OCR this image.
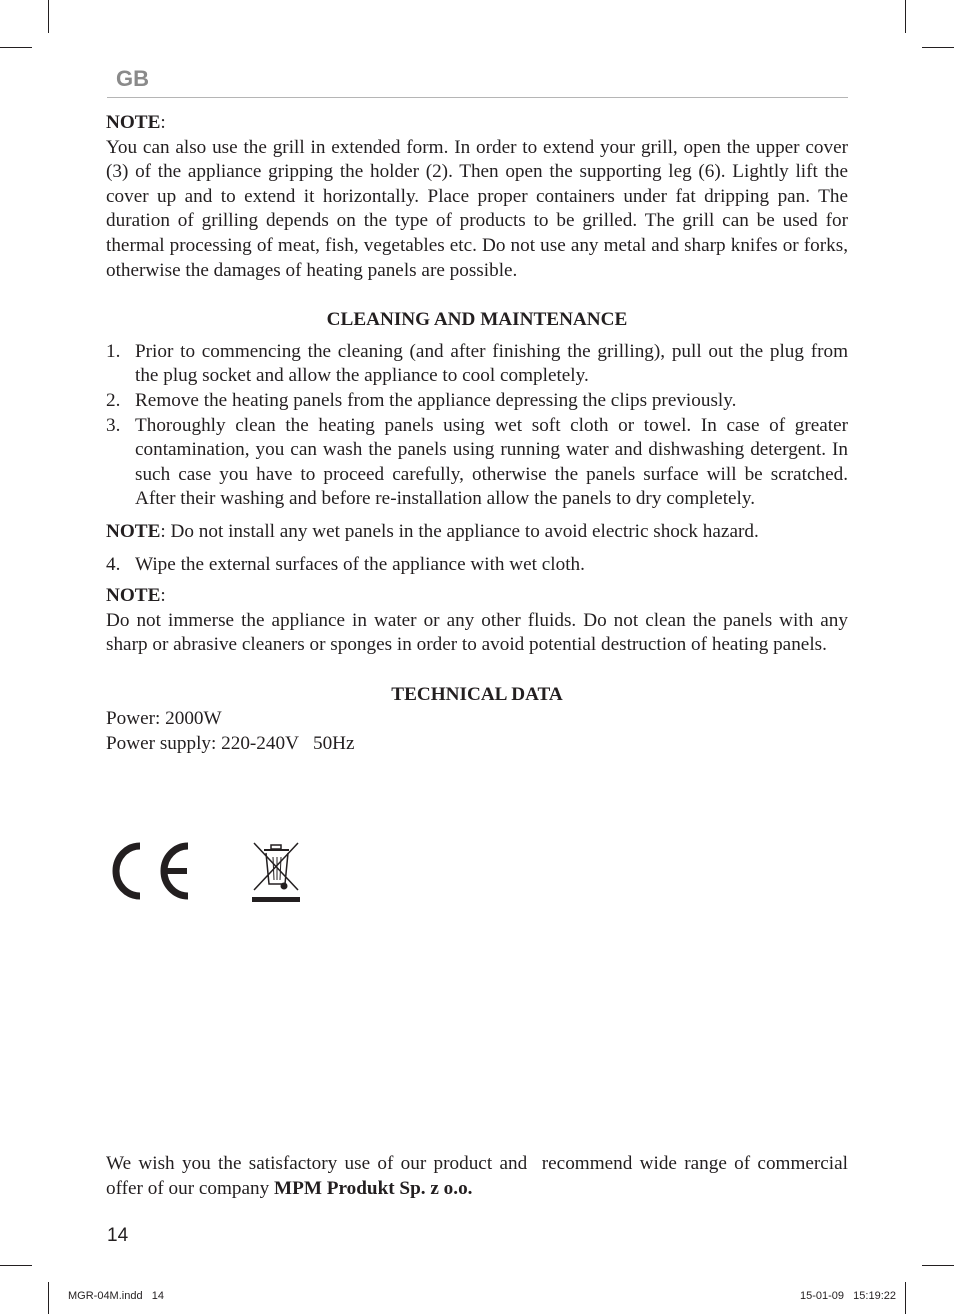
GB

NOTE:

You can also use the grill in extended form. In order to extend your grill, open the upper cover (3) of the appliance gripping the holder (2). Then open the supporting leg (6). Lightly lift the cover up and to extend it horizontally. Place proper containers under fat dripping pan. The duration of grilling depends on the type of products to be grilled. The grill can be used for thermal processing of meat, fish, vegetables etc. Do not use any metal and sharp knifes or forks, otherwise the damages of heating panels are possible.

CLEANING AND MAINTENANCE

1. Prior to commencing the cleaning (and after finishing the grilling), pull out the plug from the plug socket and allow the appliance to cool completely.
2. Remove the heating panels from the appliance depressing the clips previously.
3. Thoroughly clean the heating panels using wet soft cloth or towel. In case of greater contamination, you can wash the panels using running water and dishwashing detergent. In such case you have to proceed carefully, otherwise the panels surface will be scratched. After their washing and before re-installation allow the panels to dry completely.

NOTE: Do not install any wet panels in the appliance to avoid electric shock hazard.

4. Wipe the external surfaces of the appliance with wet cloth.

NOTE:

Do not immerse the appliance in water or any other fluids. Do not clean the panels with any sharp or abrasive cleaners or sponges in order to avoid potential destruction of heating panels.

TECHNICAL DATA

Power: 2000W

Power supply: 220-240V   50Hz

We wish you the satisfactory use of our product and  recommend wide range of commercial offer of our company MPM Produkt Sp. z o.o.

14
MGR-04M.indd   14	15-01-09   15:19:22
